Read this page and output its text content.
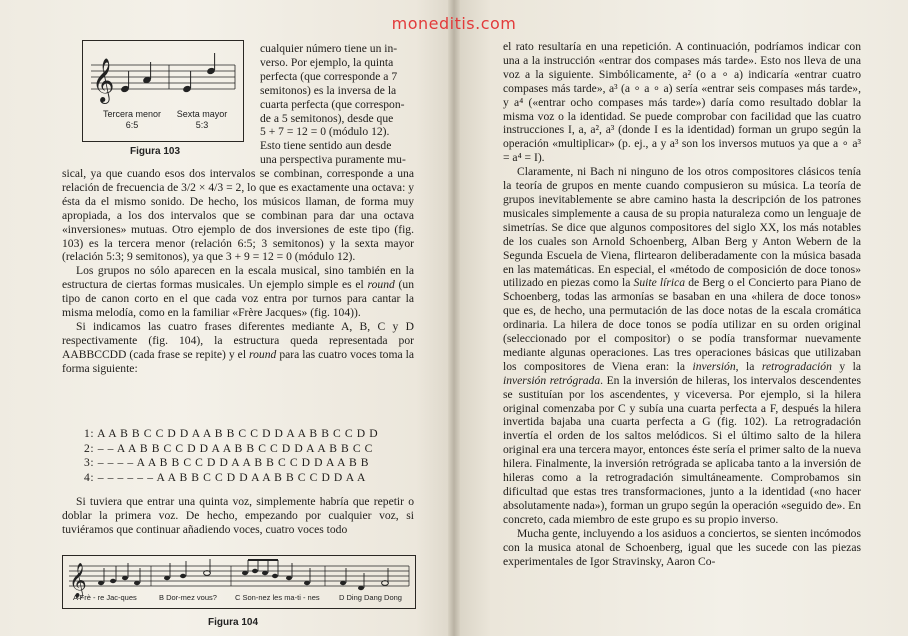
moneditis.com
𝄞
Tercera menor
6:5
Sexta mayor
5:3
Figura 103

cualquier número tiene un in-

verso. Por ejemplo, la quinta

perfecta (que corresponde a 7

semitonos) es la inversa de la

cuarta perfecta (que correspon-

de a 5 semitonos), desde que

5 + 7 = 12 = 0 (módulo 12).

Esto tiene sentido aun desde

una perspectiva puramente mu-

sical, ya que cuando esos dos intervalos se combinan, corresponde a una relación de frecuencia de 3/2 × 4/3 = 2, lo que es exactamente una octava: y ésta da el mismo sonido. De hecho, los músicos llaman, de forma muy apropiada, a los dos intervalos que se combinan para dar una octava «inversiones» mutuas. Otro ejemplo de dos inversiones de este tipo (fig. 103) es la tercera menor (relación 6:5; 3 semitonos) y la sexta mayor (relación 5:3; 9 semitonos), ya que 3 + 9 = 12 = 0 (módulo 12).

Los grupos no sólo aparecen en la escala musical, sino también en la estructura de ciertas formas musicales. Un ejemplo simple es el round (un tipo de canon corto en el que cada voz entra por turnos para cantar la misma melodía, como en la familiar «Frère Jacques» (fig. 104)).

Si indicamos las cuatro frases diferentes mediante A, B, C y D respectivamente (fig. 104), la estructura queda representada por AABBCCDD (cada frase se repite) y el round para las cuatro voces toma la forma siguiente:

1: A A B B C C D D A A B B C C D D A A B B C C D D
2: – – A A B B C C D D A A B B C C D D A A B B C C
3: – – – – A A B B C C D D A A B B C C D D A A B B
4: – – – – – – A A B B C C D D A A B B C C D D A A
Si tuviera que entrar una quinta voz, simplemente habría que repetir o doblar la primera voz. De hecho, empezando por cualquier voz, si tuviéramos que continuar añadiendo voces, cuatro voces todo
𝄞
A Frè - re Jac-ques	B Dor-mez vous? C Son-nez les ma-ti - nes	D Ding Dang Dong
Figura 104

el rato resultaría en una repetición. A continuación, podríamos indicar con una a la instrucción «entrar dos compases más tarde». Esto nos lleva de una voz a la siguiente. Simbólicamente, a² (o a ∘ a) indicaría «entrar cuatro compases más tarde», a³ (a ∘ a ∘ a) sería «entrar seis compases más tarde», y a⁴ («entrar ocho compases más tarde») daría como resultado doblar la misma voz o la identidad. Se puede comprobar con facilidad que las cuatro instrucciones I, a, a², a³ (donde I es la identidad) forman un grupo según la operación «multiplicar» (p. ej., a y a³ son los inversos mutuos ya que a ∘ a³ = a⁴ = I).

Claramente, ni Bach ni ninguno de los otros compositores clásicos tenía la teoría de grupos en mente cuando compusieron su música. La teoría de grupos inevitablemente se abre camino hasta la descripción de los patrones musicales simplemente a causa de su propia naturaleza como un lenguaje de simetrías. Se dice que algunos compositores del siglo XX, los más notables de los cuales son Arnold Schoenberg, Alban Berg y Anton Webern de la Segunda Escuela de Viena, flirtearon deliberadamente con la música basada en las matemáticas. En especial, el «método de composición de doce tonos» utilizado en piezas como la Suite lírica de Berg o el Concierto para Piano de Schoenberg, todas las armonías se basaban en una «hilera de doce tonos» que es, de hecho, una permutación de las doce notas de la escala cromática ordinaria. La hilera de doce tonos se podía utilizar en su orden original (seleccionado por el compositor) o se podía transformar nuevamente mediante algunas operaciones. Las tres operaciones básicas que utilizaban los compositores de Viena eran: la inversión, la retrogradación y la inversión retrógrada. En la inversión de hileras, los intervalos descendentes se sustituían por los ascendentes, y viceversa. Por ejemplo, si la hilera original comenzaba por C y subía una cuarta perfecta a F, después la hilera invertida bajaba una cuarta perfecta a G (fig. 102). La retrogradación invertía el orden de los saltos melódicos. Si el último salto de la hilera original era una tercera mayor, entonces éste sería el primer salto de la nueva hilera. Finalmente, la inversión retrógrada se aplicaba tanto a la inversión de hileras como a la retrogradación simultáneamente. Comprobamos sin dificultad que estas tres transformaciones, junto a la identidad («no hacer absolutamente nada»), forman un grupo según la operación «seguido de». En concreto, cada miembro de este grupo es su propio inverso.

Mucha gente, incluyendo a los asiduos a conciertos, se sienten incómodos con la musica atonal de Schoenberg, igual que les sucede con las piezas experimentales de Igor Stravinsky, Aaron Co-
